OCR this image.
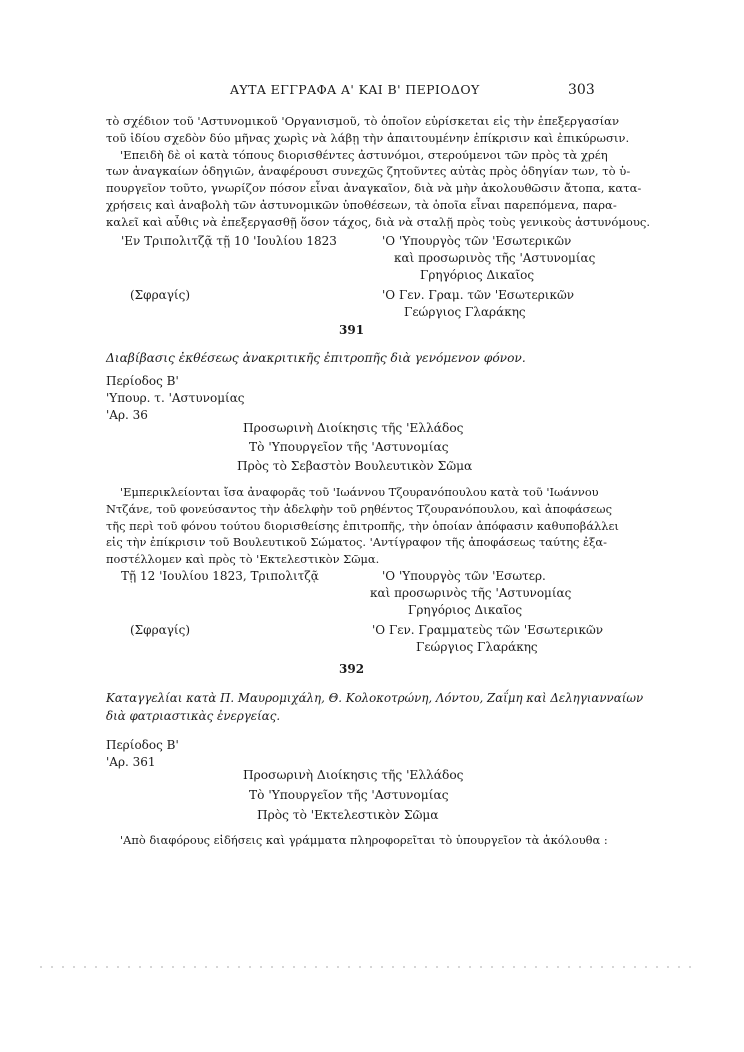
ΑΥΤΑ ΕΓΓΡΑΦΑ Α' ΚΑΙ Β' ΠΕΡΙΟΔΟΥ	303
τὸ σχέδιον τοῦ 'Αστυνομικοῦ 'Οργανισμοῦ, τὸ ὁποῖον εὑρίσκεται εἰς τὴν ἐπεξεργασίαν
τοῦ ἰδίου σχεδὸν δύο μῆνας χωρὶς νὰ λάβῃ τὴν ἀπαιτουμένην ἐπίκρισιν καὶ ἐπικύρωσιν.
'Επειδὴ δὲ οἱ κατὰ τόπους διορισθέντες ἀστυνόμοι, στερούμενοι τῶν πρὸς τὰ χρέη
των ἀναγκαίων ὁδηγιῶν, ἀναφέρουσι συνεχῶς ζητοῦντες αὐτὰς πρὸς ὁδηγίαν των, τὸ ὑ-
πουργεῖον τοῦτο, γνωρίζον πόσον εἶναι ἀναγκαῖον, διὰ νὰ μὴν ἀκολουθῶσιν ἄτοπα, κατα-
χρήσεις καὶ ἀναβολὴ τῶν ἀστυνομικῶν ὑποθέσεων, τὰ ὁποῖα εἶναι παρεπόμενα, παρα-
καλεῖ καὶ αὖθις νὰ ἐπεξεργασθῇ ὅσον τάχος, διὰ νὰ σταλῇ πρὸς τοὺς γενικοὺς ἀστυνόμους.
'Εν Τριπολιτζᾷ τῇ 10 'Ιουλίου 1823	'Ο 'Υπουργὸς τῶν 'Εσωτερικῶν
καὶ προσωρινὸς τῆς 'Αστυνομίας
Γρηγόριος Δικαῖος
(Σφραγίς)	'Ο Γεν. Γραμ. τῶν 'Εσωτερικῶν
Γεώργιος Γλαράκης
391
Διαβίβασις ἐκθέσεως ἀνακριτικῆς ἐπιτροπῆς διὰ γενόμενον φόνον.
Περίοδος Β'
'Υπουρ. τ. 'Αστυνομίας
'Αρ. 36
Προσωρινὴ Διοίκησις τῆς 'Ελλάδος
Τὸ 'Υπουργεῖον τῆς 'Αστυνομίας
Πρὸς τὸ Σεβαστὸν Βουλευτικὸν Σῶμα
'Εμπερικλείονται ἴσα ἀναφορᾶς τοῦ 'Ιωάννου Τζουρανόπουλου κατὰ τοῦ 'Ιωάννου
Ντζάνε, τοῦ φονεύσαντος τὴν ἀδελφὴν τοῦ ρηθέντος Τζουρανόπουλου, καὶ ἀποφάσεως
τῆς περὶ τοῦ φόνου τούτου διορισθείσης ἐπιτροπῆς, τὴν ὁποίαν ἀπόφασιν καθυποβάλλει
εἰς τὴν ἐπίκρισιν τοῦ Βουλευτικοῦ Σώματος. 'Αντίγραφον τῆς ἀποφάσεως ταύτης ἐξα-
ποστέλλομεν καὶ πρὸς τὸ 'Εκτελεστικὸν Σῶμα.
Τῇ 12 'Ιουλίου 1823, Τριπολιτζᾷ	'Ο 'Υπουργὸς τῶν 'Εσωτερ.
καὶ προσωρινὸς τῆς 'Αστυνομίας
Γρηγόριος Δικαῖος
(Σφραγίς)	'Ο Γεν. Γραμματεὺς τῶν 'Εσωτερικῶν
Γεώργιος Γλαράκης
392
Καταγγελίαι κατὰ Π. Μαυρομιχάλη, Θ. Κολοκοτρώνη, Λόντου, Ζαΐμη καὶ Δεληγιανναίων
διὰ φατριαστικὰς ἐνεργείας.
Περίοδος Β'
'Αρ. 361
Προσωρινὴ Διοίκησις τῆς 'Ελλάδος
Τὸ 'Υπουργεῖον τῆς 'Αστυνομίας
Πρὸς τὸ 'Εκτελεστικὸν Σῶμα
'Απὸ διαφόρους εἰδήσεις καὶ γράμματα πληροφορεῖται τὸ ὑπουργεῖον τὰ ἀκόλουθα :
